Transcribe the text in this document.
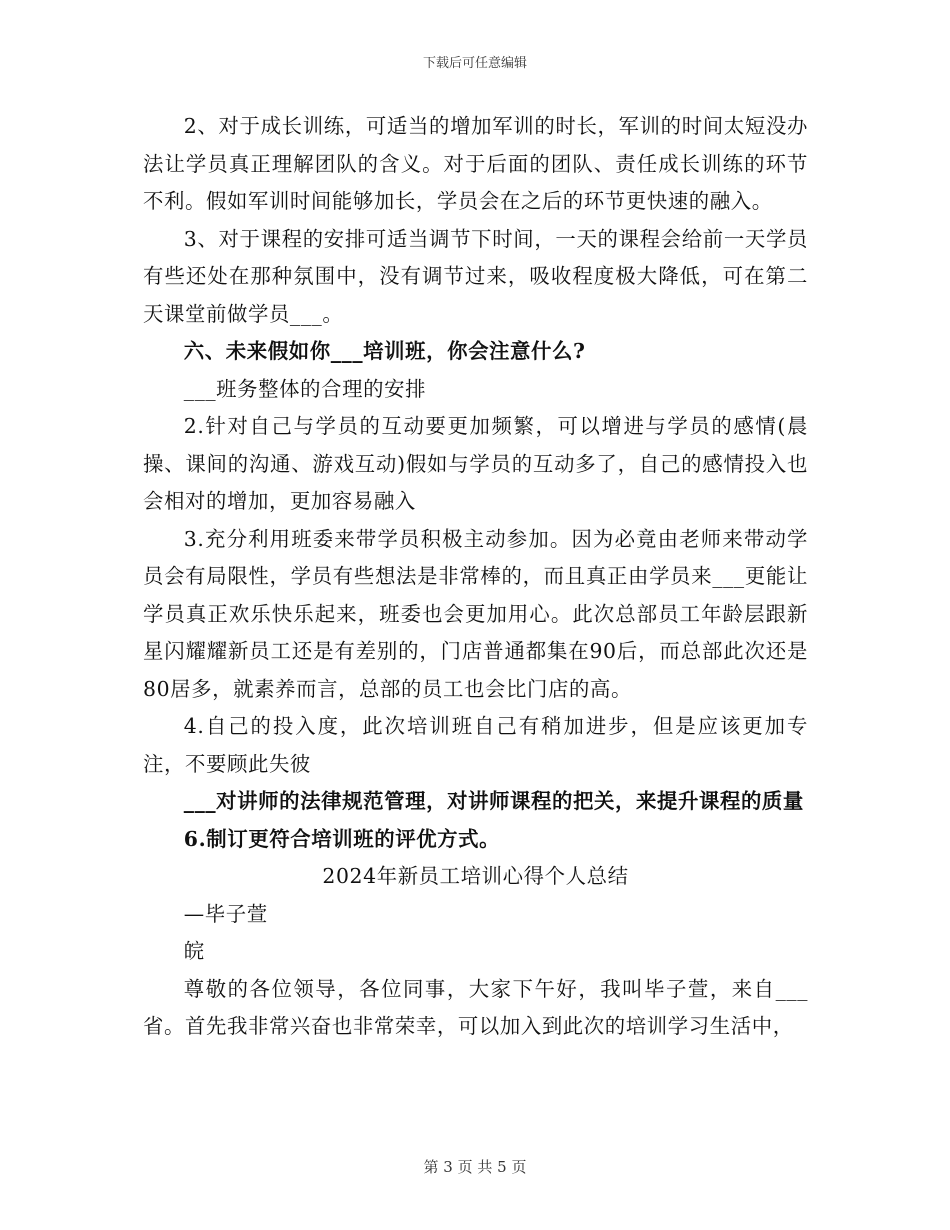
下载后可任意编辑

2、对于成长训练，可适当的增加军训的时长，军训的时间太短没办法让学员真正理解团队的含义。对于后面的团队、责任成长训练的环节不利。假如军训时间能够加长，学员会在之后的环节更快速的融入。

3、对于课程的安排可适当调节下时间，一天的课程会给前一天学员有些还处在那种氛围中，没有调节过来，吸收程度极大降低，可在第二天课堂前做学员___。

六、未来假如你___培训班，你会注意什么?

___班务整体的合理的安排

2.针对自己与学员的互动要更加频繁，可以增进与学员的感情(晨操、课间的沟通、游戏互动)假如与学员的互动多了，自己的感情投入也会相对的增加，更加容易融入

3.充分利用班委来带学员积极主动参加。因为必竟由老师来带动学员会有局限性，学员有些想法是非常棒的，而且真正由学员来___更能让学员真正欢乐快乐起来，班委也会更加用心。此次总部员工年龄层跟新星闪耀耀新员工还是有差别的，门店普通都集在90后，而总部此次还是80居多，就素养而言，总部的员工也会比门店的高。

4.自己的投入度，此次培训班自己有稍加进步，但是应该更加专注，不要顾此失彼

___对讲师的法律规范管理，对讲师课程的把关，来提升课程的质量

6.制订更符合培训班的评优方式。

2024年新员工培训心得个人总结

—毕子萱

皖

尊敬的各位领导，各位同事，大家下午好，我叫毕子萱，来自___省。首先我非常兴奋也非常荣幸，可以加入到此次的培训学习生活中，

第 3 页 共 5 页
